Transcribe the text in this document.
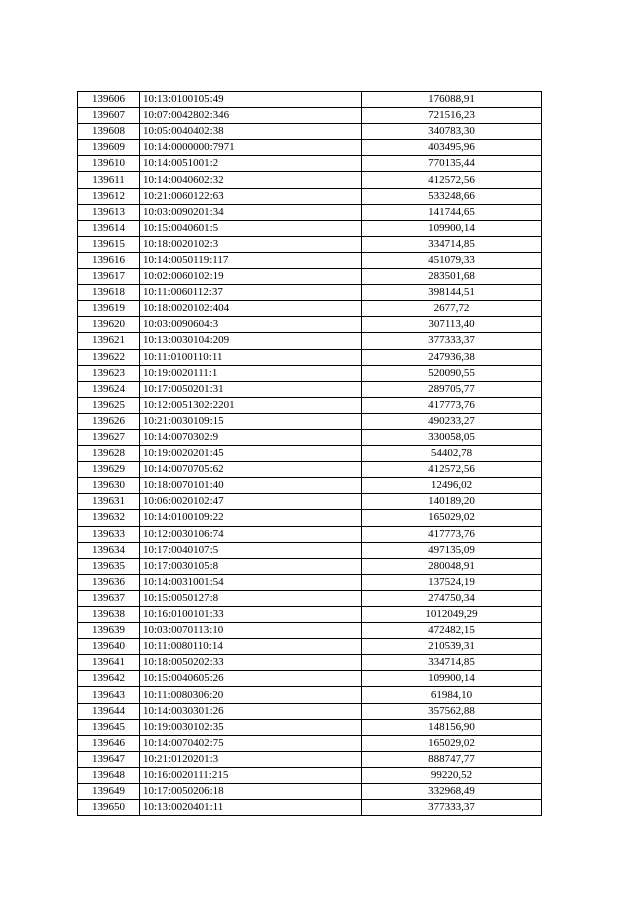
139606	10:13:0100105:49	176088,91
139607	10:07:0042802:346	721516,23
139608	10:05:0040402:38	340783,30
139609	10:14:0000000:7971	403495,96
139610	10:14:0051001:2	770135,44
139611	10:14:0040602:32	412572,56
139612	10:21:0060122:63	533248,66
139613	10:03:0090201:34	141744,65
139614	10:15:0040601:5	109900,14
139615	10:18:0020102:3	334714,85
139616	10:14:0050119:117	451079,33
139617	10:02:0060102:19	283501,68
139618	10:11:0060112:37	398144,51
139619	10:18:0020102:404	2677,72
139620	10:03:0090604:3	307113,40
139621	10:13:0030104:209	377333,37
139622	10:11:0100110:11	247936,38
139623	10:19:0020111:1	520090,55
139624	10:17:0050201:31	289705,77
139625	10:12:0051302:2201	417773,76
139626	10:21:0030109:15	490233,27
139627	10:14:0070302:9	330058,05
139628	10:19:0020201:45	54402,78
139629	10:14:0070705:62	412572,56
139630	10:18:0070101:40	12496,02
139631	10:06:0020102:47	140189,20
139632	10:14:0100109:22	165029,02
139633	10:12:0030106:74	417773,76
139634	10:17:0040107:5	497135,09
139635	10:17:0030105:8	280048,91
139636	10:14:0031001:54	137524,19
139637	10:15:0050127:8	274750,34
139638	10:16:0100101:33	1012049,29
139639	10:03:0070113:10	472482,15
139640	10:11:0080110:14	210539,31
139641	10:18:0050202:33	334714,85
139642	10:15:0040605:26	109900,14
139643	10:11:0080306:20	61984,10
139644	10:14:0030301:26	357562,88
139645	10:19:0030102:35	148156,90
139646	10:14:0070402:75	165029,02
139647	10:21:0120201:3	888747,77
139648	10:16:0020111:215	99220,52
139649	10:17:0050206:18	332968,49
139650	10:13:0020401:11	377333,37
